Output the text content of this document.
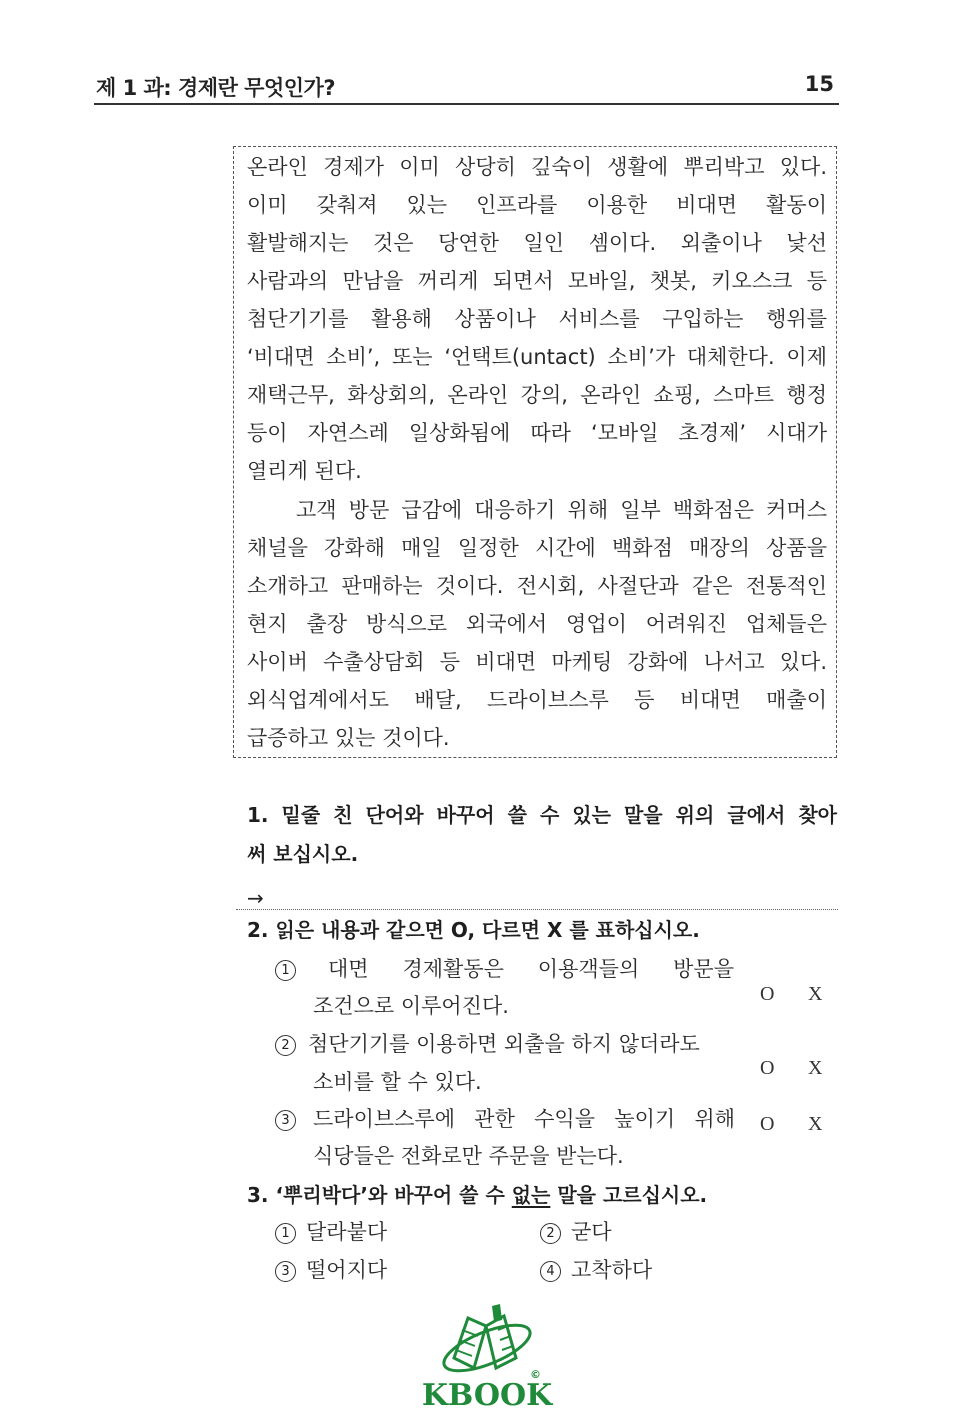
제 1 과: 경제란 무엇인가?	15
온라인 경제가 이미 상당히 깊숙이 생활에 뿌리박고 있다.
이미 갖춰져 있는 인프라를 이용한 비대면 활동이
활발해지는 것은 당연한 일인 셈이다. 외출이나 낯선
사람과의 만남을 꺼리게 되면서 모바일, 챗봇, 키오스크 등
첨단기기를 활용해 상품이나 서비스를 구입하는 행위를
‘비대면 소비’, 또는 ‘언택트(untact) 소비’가 대체한다. 이제
재택근무, 화상회의, 온라인 강의, 온라인 쇼핑, 스마트 행정
등이 자연스레 일상화됨에 따라 ‘모바일 초경제’ 시대가
열리게 된다.
고객 방문 급감에 대응하기 위해 일부 백화점은 커머스
채널을 강화해 매일 일정한 시간에 백화점 매장의 상품을
소개하고 판매하는 것이다. 전시회, 사절단과 같은 전통적인
현지 출장 방식으로 외국에서 영업이 어려워진 업체들은
사이버 수출상담회 등 비대면 마케팅 강화에 나서고 있다.
외식업계에서도 배달, 드라이브스루 등 비대면 매출이
급증하고 있는 것이다.
1. 밑줄 친 단어와 바꾸어 쓸 수 있는 말을 위의 글에서 찾아
써 보십시오.
→
2. 읽은 내용과 같으면 O, 다르면 X 를 표하십시오.
1	대면 경제활동은 이용객들의 방문을
조건으로 이루어진다.	O X
2 첨단기기를 이용하면 외출을 하지 않더라도
소비를 할 수 있다.
O X
3	드라이브스루에 관한 수익을 높이기 위해
식당들은 전화로만 주문을 받는다.
O X
3. ‘뿌리박다’와 바꾸어 쓸 수 없는 말을 고르십시오.
1 달라붙다	2 굳다
3 떨어지다	4 고착하다
©
KBOOK
